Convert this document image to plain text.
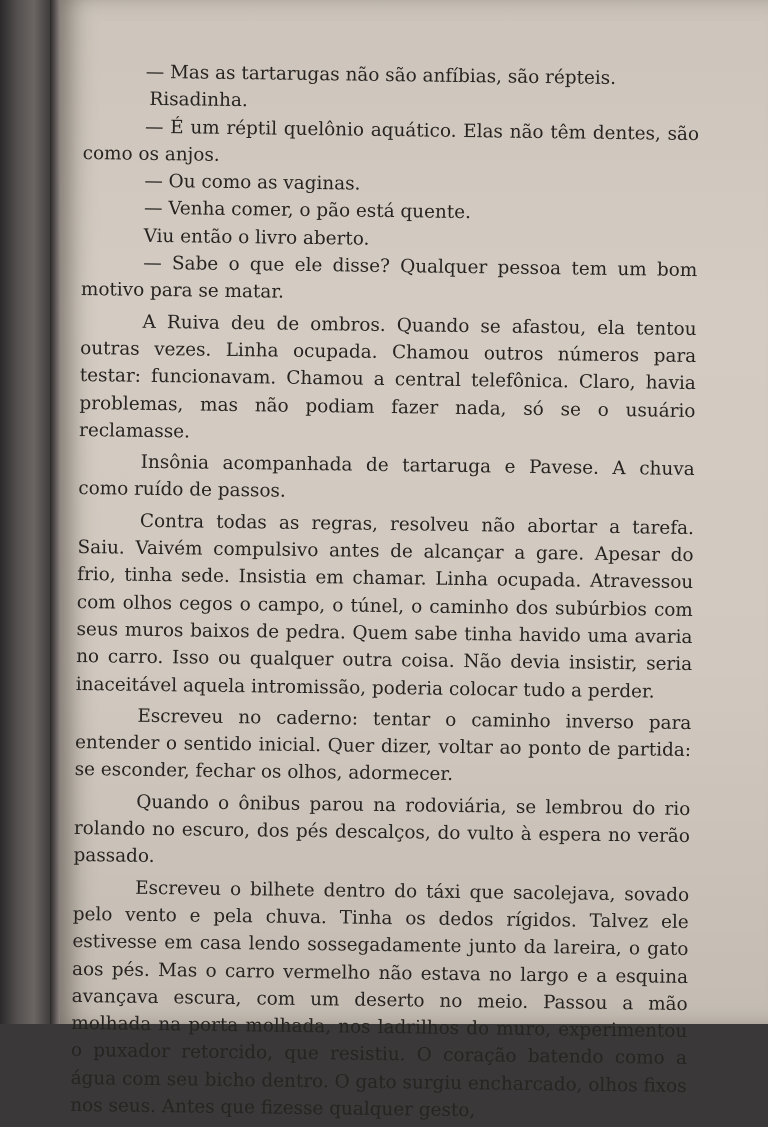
— Mas as tartarugas não são anfíbias, são répteis.

Risadinha.

— É um réptil quelônio aquático. Elas não têm dentes, são como os anjos.

— Ou como as vaginas.

— Venha comer, o pão está quente.

Viu então o livro aberto.

— Sabe o que ele disse? Qualquer pessoa tem um bom motivo para se matar.

A Ruiva deu de ombros. Quando se afastou, ela tentou outras vezes. Linha ocupada. Chamou outros números para testar: funcionavam. Chamou a central telefônica. Claro, havia problemas, mas não podiam fazer nada, só se o usuário reclamasse.

Insônia acompanhada de tartaruga e Pavese. A chuva como ruído de passos.

Contra todas as regras, resolveu não abortar a tarefa. Saiu. Vaivém compulsivo antes de alcançar a gare. Apesar do frio, tinha sede. Insistia em chamar. Linha ocupada. Atravessou com olhos cegos o campo, o túnel, o caminho dos subúrbios com seus muros baixos de pedra. Quem sabe tinha havido uma avaria no carro. Isso ou qualquer outra coisa. Não devia insistir, seria inaceitável aquela intromissão, poderia colocar tudo a perder.

Escreveu no caderno: tentar o caminho inverso para entender o sentido inicial. Quer dizer, voltar ao ponto de partida: se esconder, fechar os olhos, adormecer.

Quando o ônibus parou na rodoviária, se lembrou do rio rolando no escuro, dos pés descalços, do vulto à espera no verão passado.

Escreveu o bilhete dentro do táxi que sacolejava, sovado pelo vento e pela chuva. Tinha os dedos rígidos. Talvez ele estivesse em casa lendo sossegadamente junto da lareira, o gato aos pés. Mas o carro vermelho não estava no largo e a esquina avançava escura, com um deserto no meio. Passou a mão molhada na porta molhada, nos ladrilhos do muro, experimentou o puxador retorcido, que resistiu. O coração batendo como a água com seu bicho dentro. O gato surgiu encharcado, olhos fixos nos seus. Antes que fizesse qualquer gesto,
